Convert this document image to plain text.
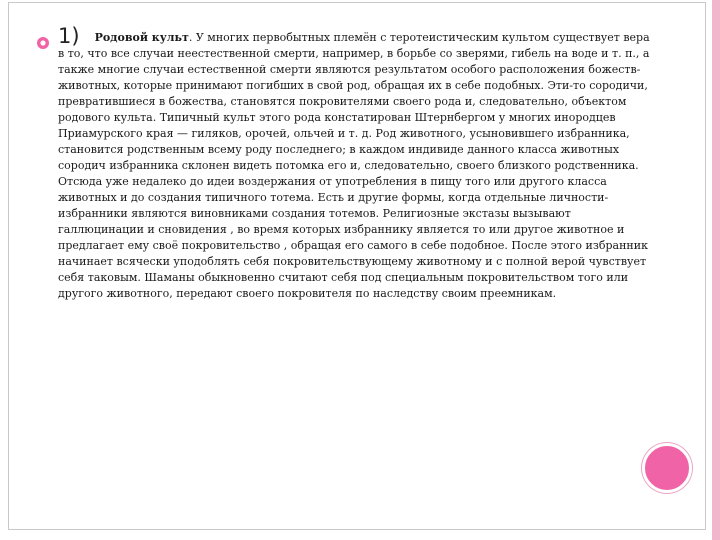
1) Родовой культ. У многих первобытных племён с теротеистическим культом существует вера в то, что все случаи неестественной смерти, например, в борьбе со зверями, гибель на воде и т. п., а также многие случаи естественной смерти являются результатом особого расположения божеств-животных, которые принимают погибших в свой род, обращая их в себе подобных. Эти-то сородичи, превратившиеся в божества, становятся покровителями своего рода и, следовательно, объектом родового культа. Типичный культ этого рода констатирован Штернбергом у многих инородцев Приамурского края — гиляков, орочей, ольчей и т. д. Род животного, усыновившего избранника, становится родственным всему роду последнего; в каждом индивиде данного класса животных сородич избранника склонен видеть потомка его и, следовательно, своего близкого родственника. Отсюда уже недалеко до идеи воздержания от употребления в пищу того или другого класса животных и до создания типичного тотема. Есть и другие формы, когда отдельные личности-избранники являются виновниками создания тотемов. Религиозные экстазы вызывают галлюцинации и сновидения , во время которых избраннику является то или другое животное и предлагает ему своё покровительство , обращая его самого в себе подобное. После этого избранник начинает всячески уподоблять себя покровительствующему животному и с полной верой чувствует себя таковым. Шаманы обыкновенно считают себя под специальным покровительством того или другого животного, передают своего покровителя по наследству своим преемникам.
